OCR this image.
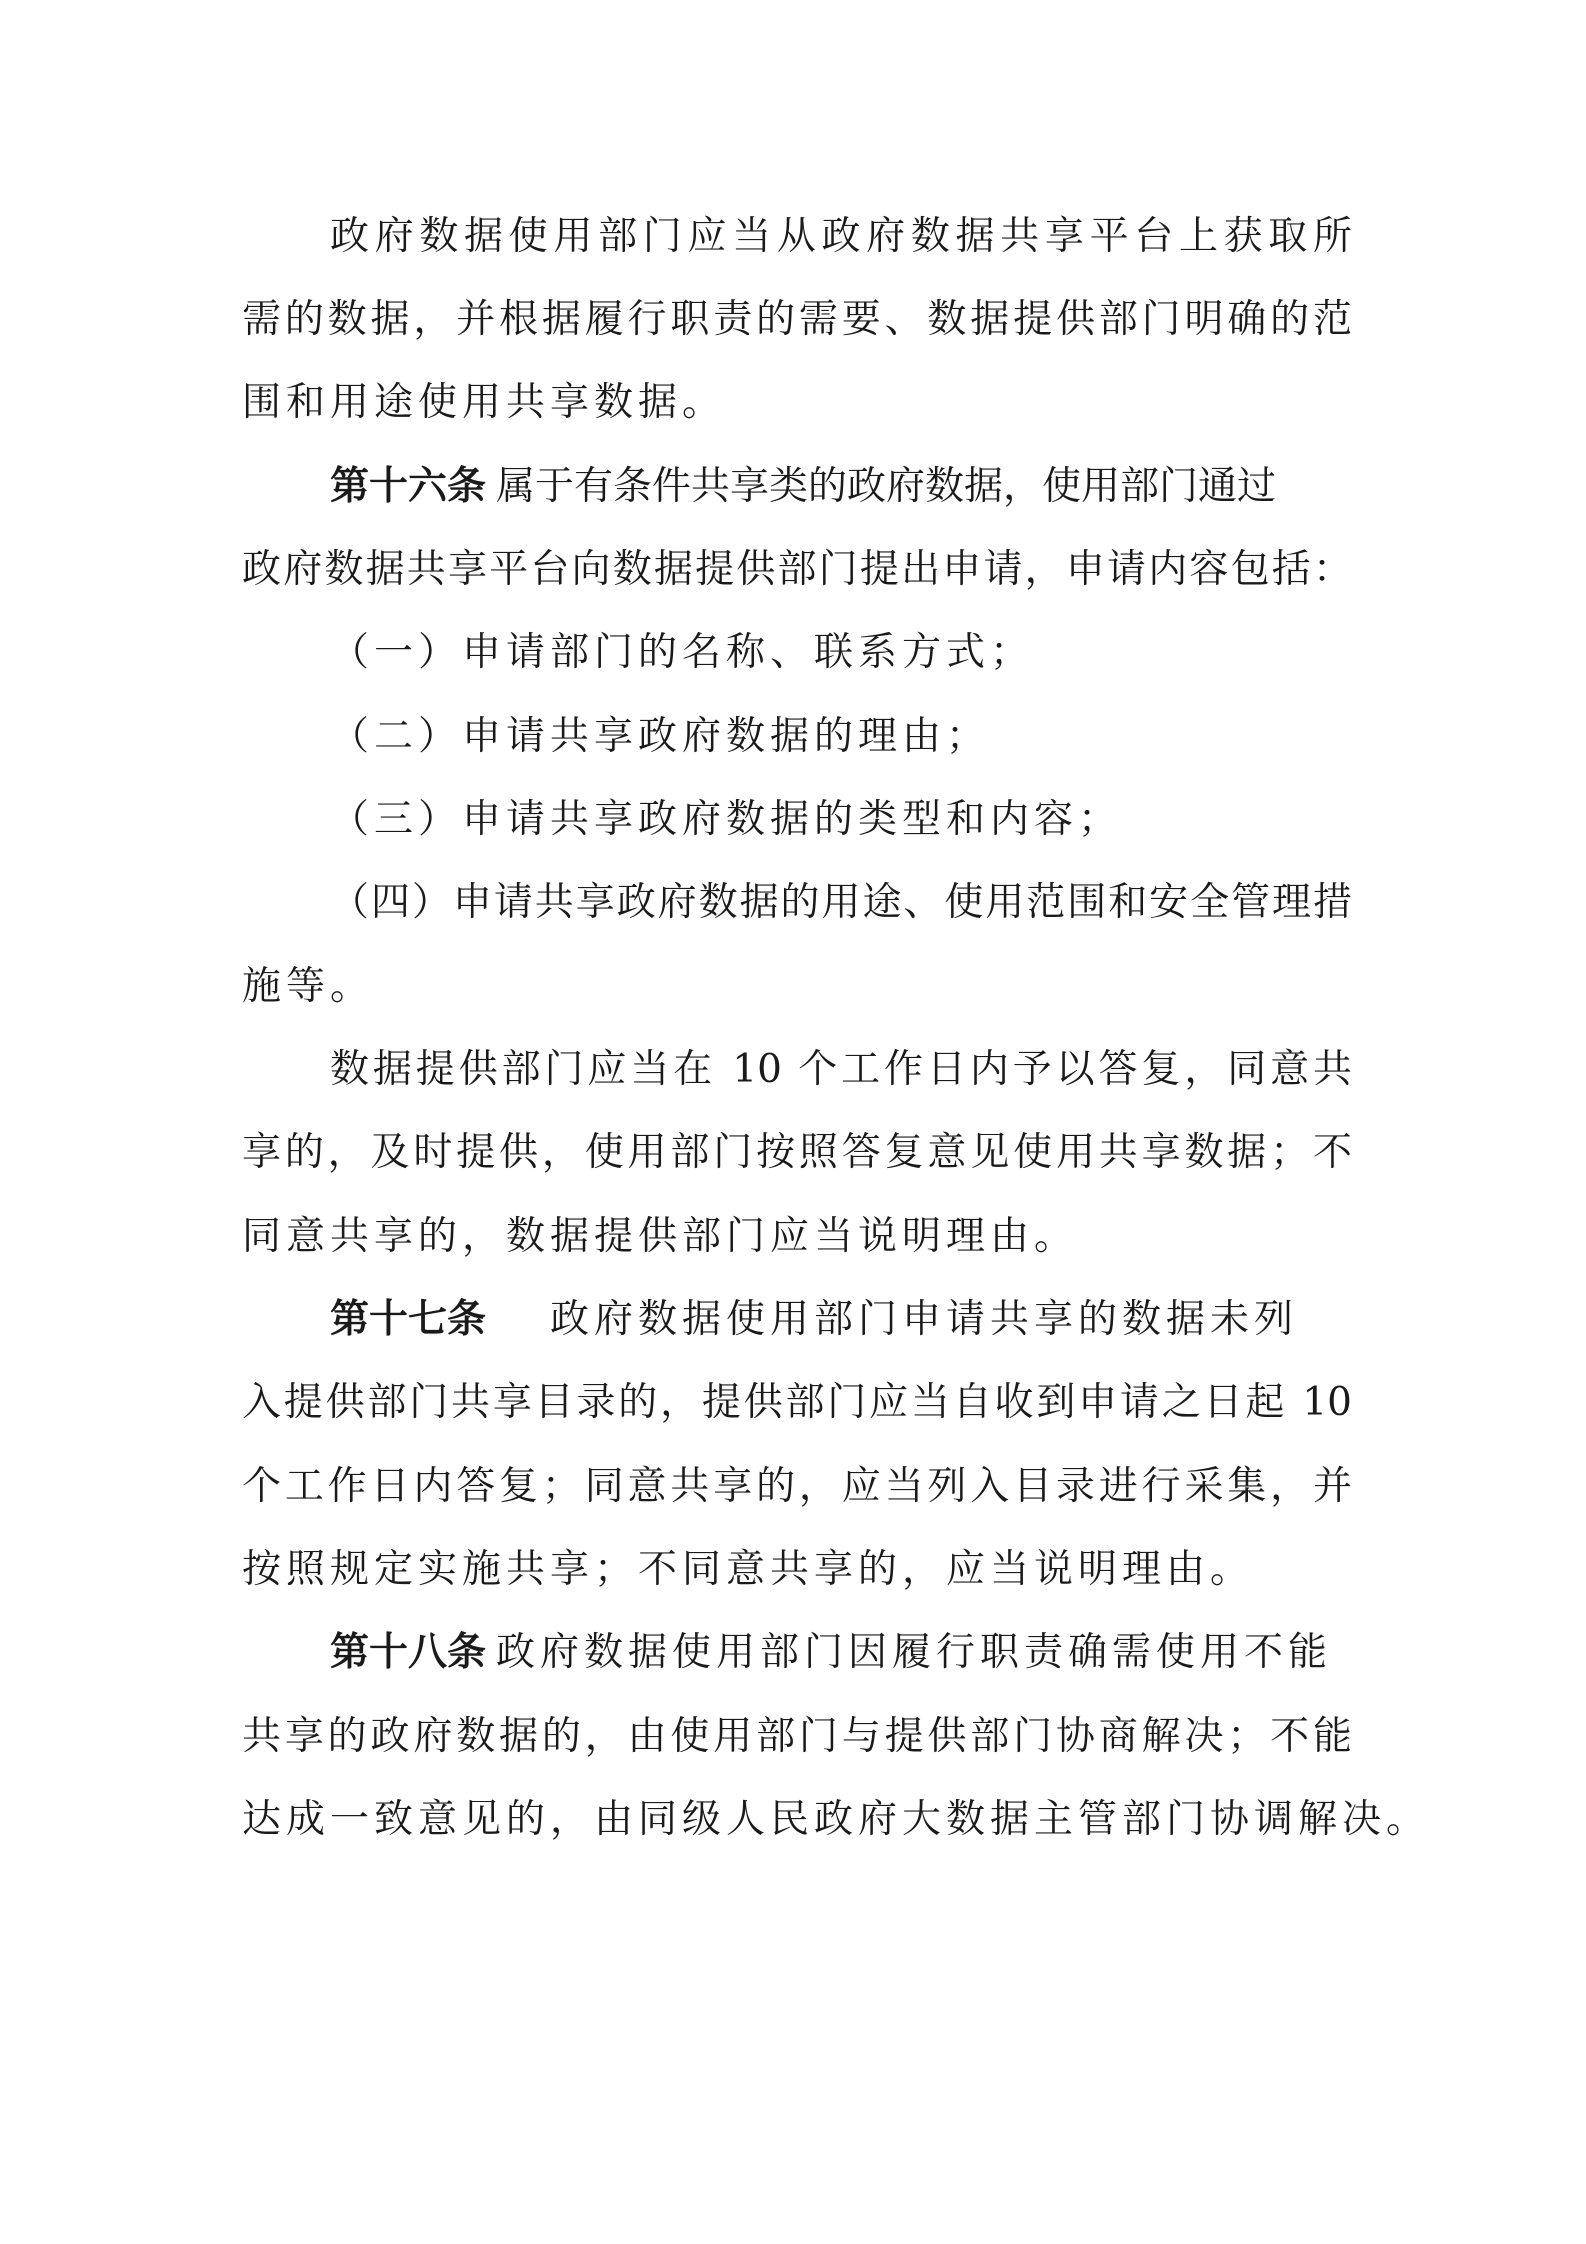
政府数据使用部门应当从政府数据共享平台上获取所
需的数据，并根据履行职责的需要、数据提供部门明确的范
围和用途使用共享数据。
第十六条 属于有条件共享类的政府数据，使用部门通过
政府数据共享平台向数据提供部门提出申请，申请内容包括：
（一）申请部门的名称、联系方式；
（二）申请共享政府数据的理由；
（三）申请共享政府数据的类型和内容；
（四）申请共享政府数据的用途、使用范围和安全管理措
施等。
数据提供部门应当在 10 个工作日内予以答复，同意共
享的，及时提供，使用部门按照答复意见使用共享数据；不
同意共享的，数据提供部门应当说明理由。
第十七条 政府数据使用部门申请共享的数据未列
入提供部门共享目录的，提供部门应当自收到申请之日起 10
个工作日内答复；同意共享的，应当列入目录进行采集，并
按照规定实施共享；不同意共享的，应当说明理由。
第十八条 政府数据使用部门因履行职责确需使用不能
共享的政府数据的，由使用部门与提供部门协商解决；不能
达成一致意见的，由同级人民政府大数据主管部门协调解决。
